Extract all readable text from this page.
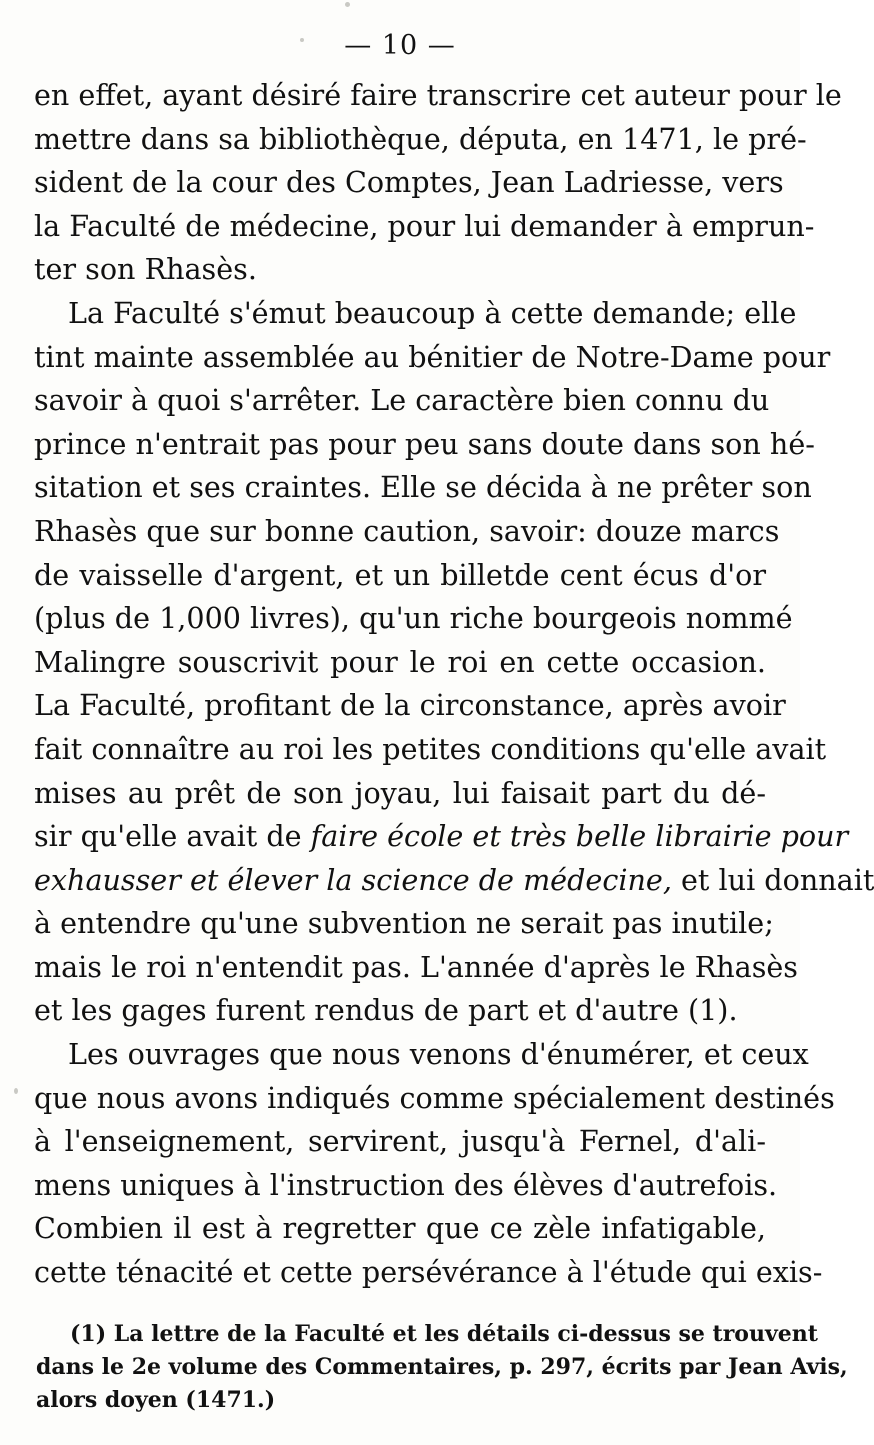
— 10 —
en effet, ayant désiré faire transcrire cet auteur pour le
mettre dans sa bibliothèque, députa, en 1471, le pré-
sident de la cour des Comptes, Jean Ladriesse, vers
la Faculté de médecine, pour lui demander à emprun-
ter son Rhasès.
La Faculté s'émut beaucoup à cette demande; elle
tint mainte assemblée au bénitier de Notre-Dame pour
savoir à quoi s'arrêter. Le caractère bien connu du
prince n'entrait pas pour peu sans doute dans son hé-
sitation et ses craintes. Elle se décida à ne prêter son
Rhasès que sur bonne caution, savoir: douze marcs
de vaisselle d'argent, et un billetde cent écus d'or
(plus de 1,000 livres), qu'un riche bourgeois nommé
Malingre souscrivit pour le roi en cette occasion.
La Faculté, profitant de la circonstance, après avoir
fait connaître au roi les petites conditions qu'elle avait
mises au prêt de son joyau, lui faisait part du dé-
sir qu'elle avait de faire école et très belle librairie pour
exhausser et élever la science de médecine, et lui donnait
à entendre qu'une subvention ne serait pas inutile;
mais le roi n'entendit pas. L'année d'après le Rhasès
et les gages furent rendus de part et d'autre (1).
Les ouvrages que nous venons d'énumérer, et ceux
que nous avons indiqués comme spécialement destinés
à l'enseignement, servirent, jusqu'à Fernel, d'ali-
mens uniques à l'instruction des élèves d'autrefois.
Combien il est à regretter que ce zèle infatigable,
cette ténacité et cette persévérance à l'étude qui exis-
(1) La lettre de la Faculté et les détails ci-dessus se trouvent
dans le 2e volume des Commentaires, p. 297, écrits par Jean Avis,
alors doyen (1471.)
